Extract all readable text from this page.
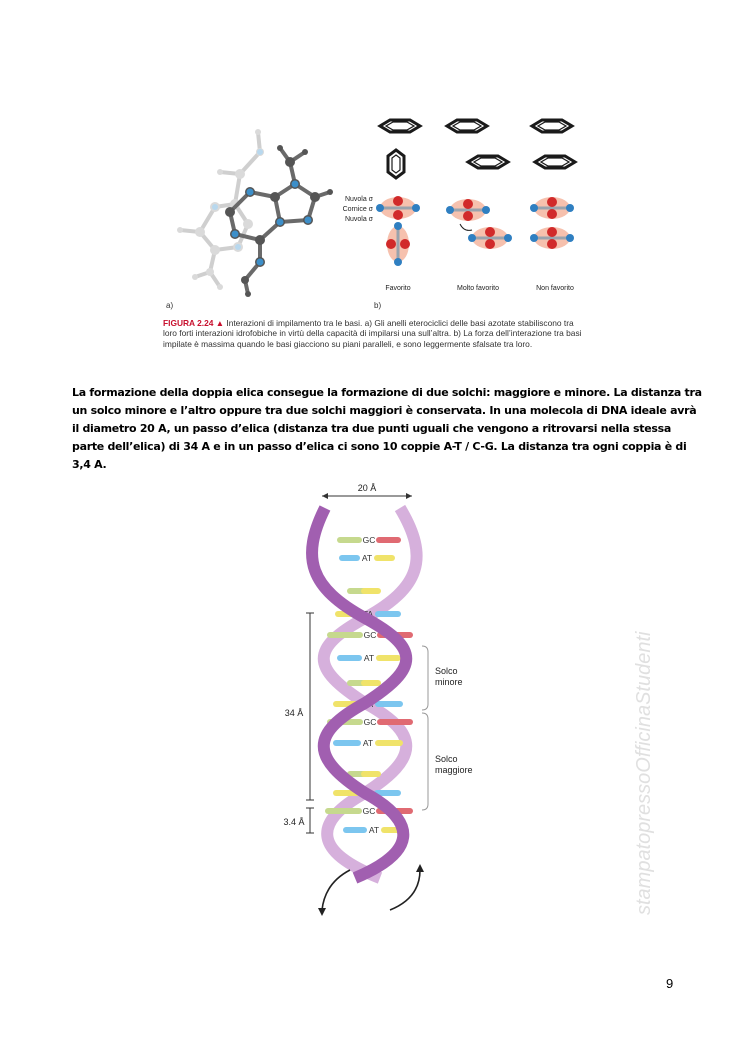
a)
Nuvola σ
Cornice σ
Nuvola σ
Favorito	Molto favorito	Non favorito
b)
FIGURA 2.24 ▲ Interazioni di impilamento tra le basi. a) Gli anelli eterociclici delle basi azotate stabiliscono tra loro forti interazioni idrofobiche in virtù della capacità di impilarsi una sull’altra. b) La forza dell’interazione tra basi impilate è massima quando le basi giacciono su piani paralleli, e sono leggermente sfalsate tra loro.
La formazione della doppia elica consegue la formazione di due solchi: maggiore e minore. La distanza tra un solco minore e l’altro oppure tra due solchi maggiori è conservata. In una molecola di DNA ideale avrà il diametro 20 A, un passo d’elica (distanza tra due punti uguali che vengono a ritrovarsi nella stessa parte dell’elica) di 34 A e in un passo d’elica ci sono 10 coppie A-T / C-G. La distanza tra ogni coppia è di 3,4 A.
20 Å
GC
AT
TA
GC
AT
TA
GC
AT
TA
GC
AT
34 Å
3.4 Å
Solco
minore
Solco
maggiore	stampatopressoOfficinaStudenti
9
